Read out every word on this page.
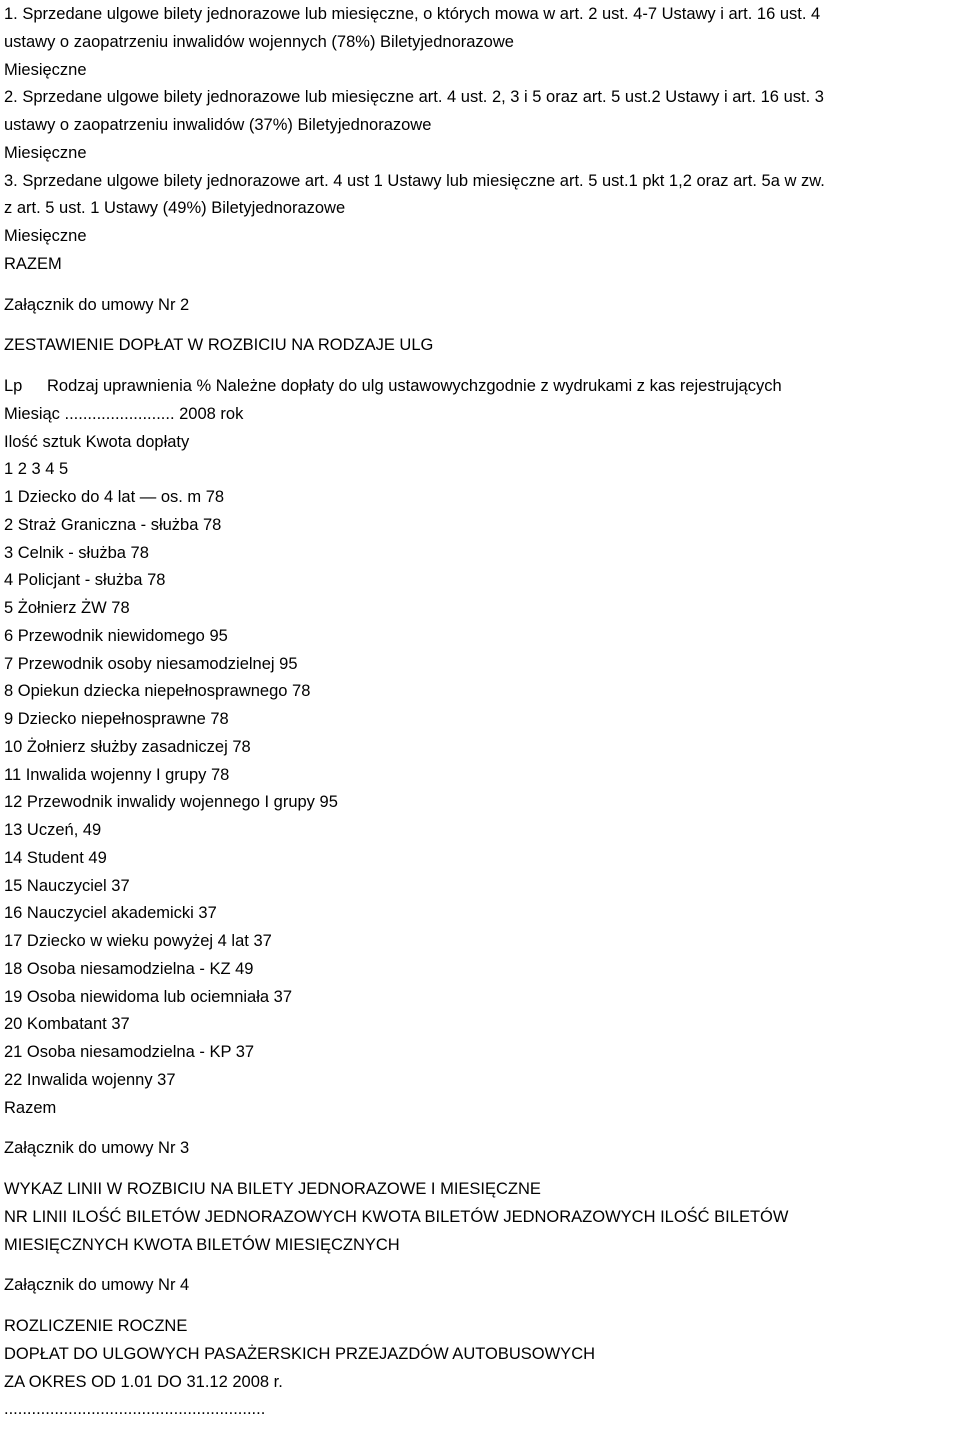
1. Sprzedane ulgowe bilety jednorazowe lub miesięczne, o których mowa w art. 2 ust. 4-7 Ustawy i art. 16 ust. 4

ustawy o zaopatrzeniu inwalidów wojennych (78%) Biletyjednorazowe

Miesięczne

2. Sprzedane ulgowe bilety jednorazowe lub miesięczne art. 4 ust. 2, 3 i 5 oraz art. 5 ust.2 Ustawy i art. 16 ust. 3

ustawy o zaopatrzeniu inwalidów (37%) Biletyjednorazowe

Miesięczne

3. Sprzedane ulgowe bilety jednorazowe art. 4 ust 1 Ustawy lub miesięczne art. 5 ust.1 pkt 1,2 oraz art. 5a w zw.

z art. 5 ust. 1 Ustawy (49%) Biletyjednorazowe

Miesięczne

RAZEM

Załącznik do umowy Nr 2

ZESTAWIENIE DOPŁAT W ROZBICIU NA RODZAJE ULG

Lp Rodzaj uprawnienia % Należne dopłaty do ulg ustawowychzgodnie z wydrukami z kas rejestrujących

Miesiąc ........................ 2008 rok

Ilość sztuk Kwota dopłaty

1 2 3 4 5

1 Dziecko do 4 lat — os. m 78

2 Straż Graniczna - służba 78

3 Celnik - służba 78

4 Policjant - służba 78

5 Żołnierz ŻW 78

6 Przewodnik niewidomego 95

7 Przewodnik osoby niesamodzielnej 95

8 Opiekun dziecka niepełnosprawnego 78

9 Dziecko niepełnosprawne 78

10 Żołnierz służby zasadniczej 78

11 Inwalida wojenny I grupy 78

12 Przewodnik inwalidy wojennego I grupy 95

13 Uczeń, 49

14 Student 49

15 Nauczyciel 37

16 Nauczyciel akademicki 37

17 Dziecko w wieku powyżej 4 lat 37

18 Osoba niesamodzielna - KZ 49

19 Osoba niewidoma lub ociemniała 37

20 Kombatant 37

21 Osoba niesamodzielna - KP 37

22 Inwalida wojenny 37

Razem

Załącznik do umowy Nr 3

WYKAZ LINII W ROZBICIU NA BILETY JEDNORAZOWE I MIESIĘCZNE

NR LINII ILOŚĆ BILETÓW JEDNORAZOWYCH KWOTA BILETÓW JEDNORAZOWYCH ILOŚĆ BILETÓW

MIESIĘCZNYCH KWOTA BILETÓW MIESIĘCZNYCH

Załącznik do umowy Nr 4

ROZLICZENIE ROCZNE

DOPŁAT DO ULGOWYCH PASAŻERSKICH PRZEJAZDÓW AUTOBUSOWYCH

ZA OKRES OD 1.01 DO 31.12 2008 r.

.........................................................
